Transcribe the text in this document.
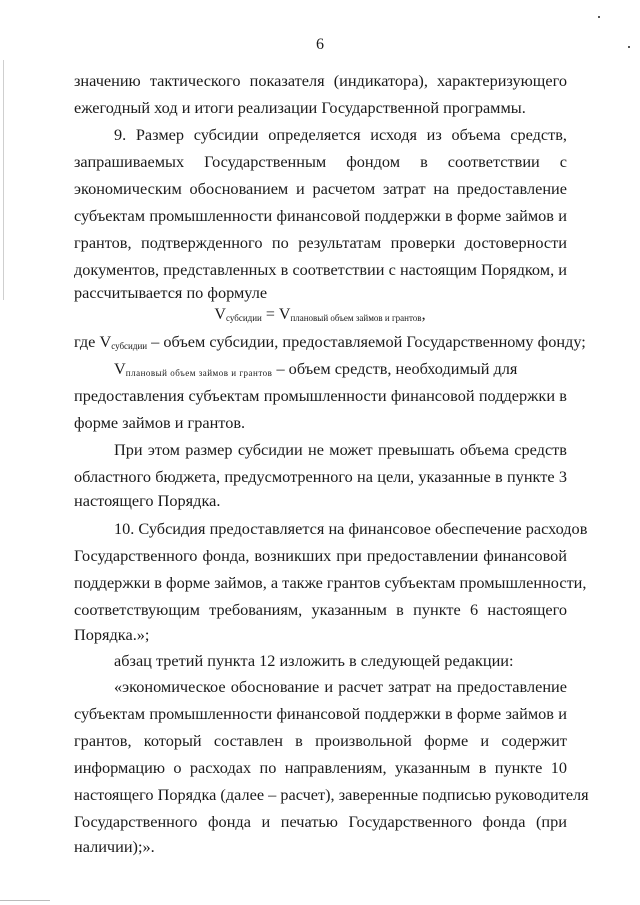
6
значению тактического показателя (индикатора), характеризующего
ежегодный ход и итоги реализации Государственной программы.
9. Размер субсидии определяется исходя из объема средств,
запрашиваемых Государственным фондом в соответствии с
экономическим обоснованием и расчетом затрат на предоставление
субъектам промышленности финансовой поддержки в форме займов и
грантов, подтвержденного по результатам проверки достоверности
документов, представленных в соответствии с настоящим Порядком, и
рассчитывается по формуле
$V_{субсидии} = V_{плановый объем займов и грантов}$,
где $V_{субсидии}$ – объем субсидии, предоставляемой Государственному фонду;
$V_{плановый объем займов и грантов}$ – объем средств, необходимый для
предоставления субъектам промышленности финансовой поддержки в
форме займов и грантов.
При этом размер субсидии не может превышать объема средств
областного бюджета, предусмотренного на цели, указанные в пункте 3
настоящего Порядка.
10. Субсидия предоставляется на финансовое обеспечение расходов
Государственного фонда, возникших при предоставлении финансовой
поддержки в форме займов, а также грантов субъектам промышленности,
соответствующим требованиям, указанным в пункте 6 настоящего
Порядка.»;
абзац третий пункта 12 изложить в следующей редакции:
«экономическое обоснование и расчет затрат на предоставление
субъектам промышленности финансовой поддержки в форме займов и
грантов, который составлен в произвольной форме и содержит
информацию о расходах по направлениям, указанным в пункте 10
настоящего Порядка (далее – расчет), заверенные подписью руководителя
Государственного фонда и печатью Государственного фонда (при
наличии);».
